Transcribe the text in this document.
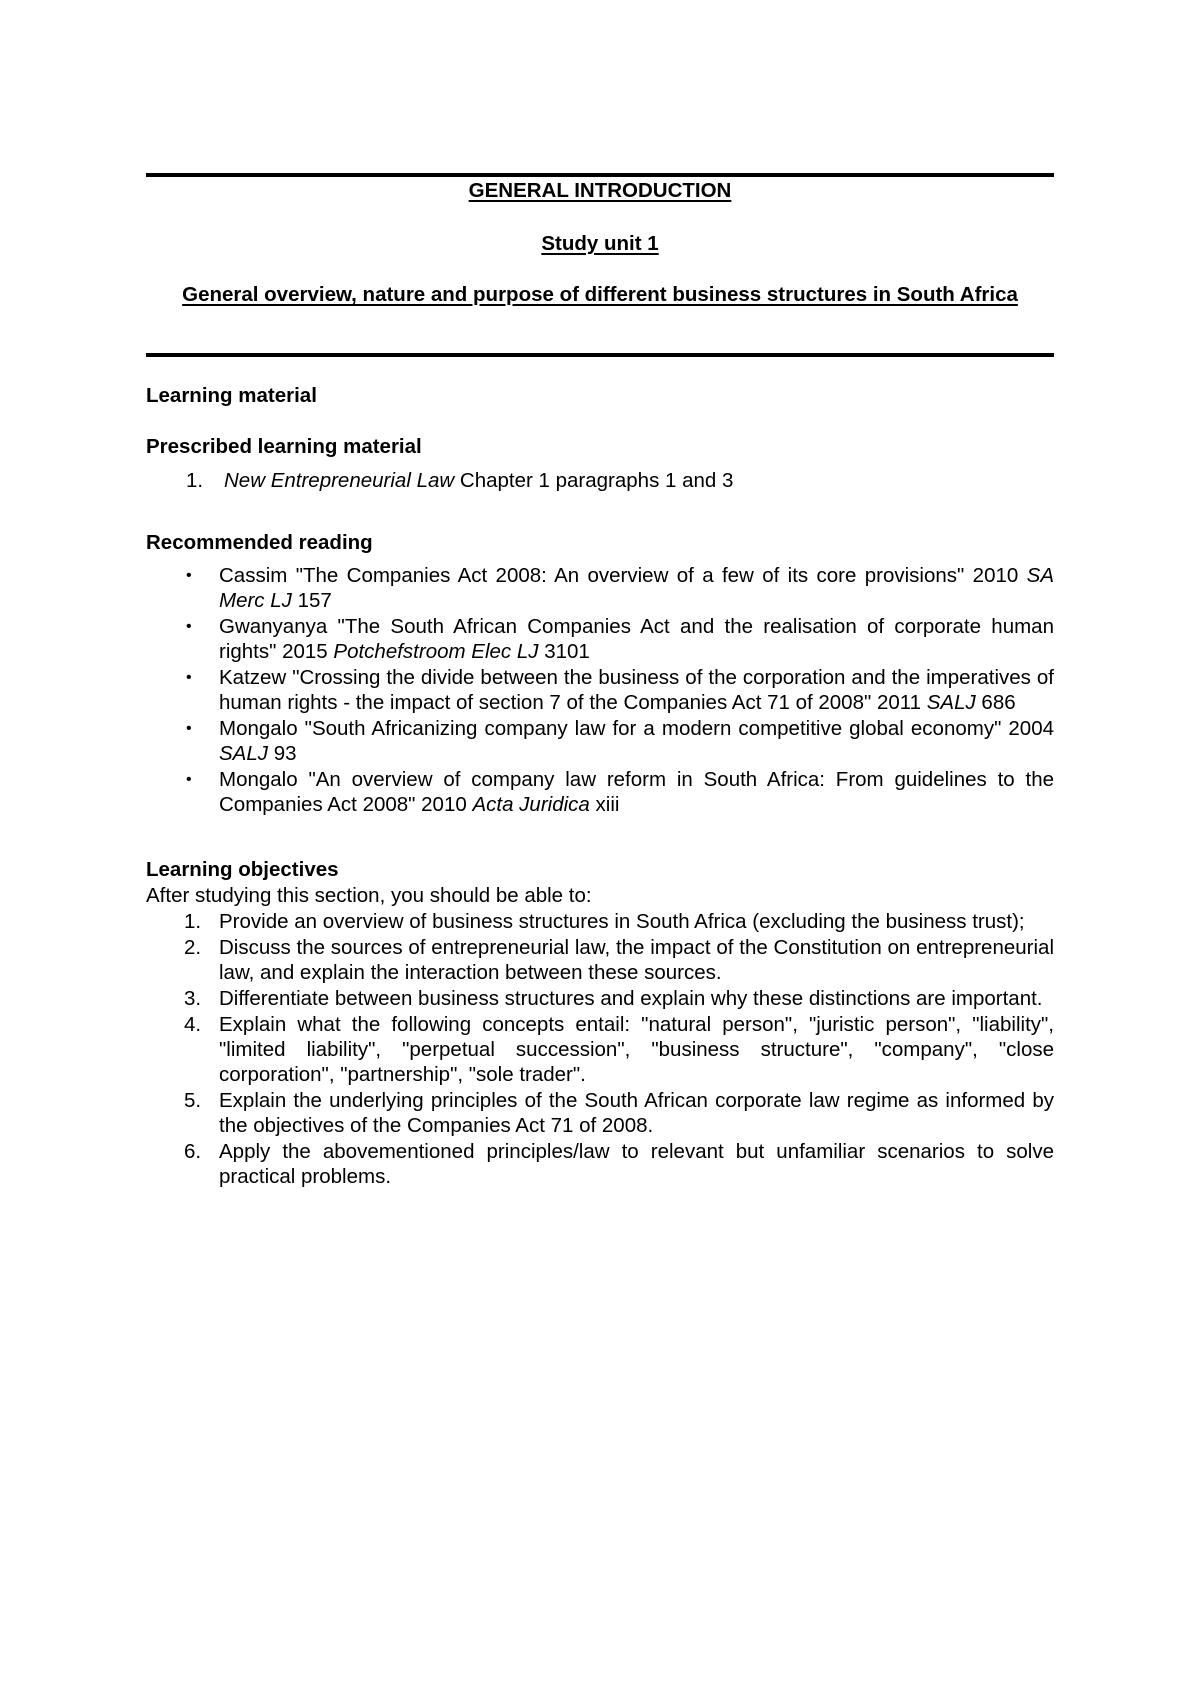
GENERAL INTRODUCTION
Study unit 1
General overview, nature and purpose of different business structures in South Africa
Learning material
Prescribed learning material
1. New Entrepreneurial Law Chapter 1 paragraphs 1 and 3
Recommended reading
• Cassim "The Companies Act 2008: An overview of a few of its core provisions" 2010 SA Merc LJ 157
• Gwanyanya "The South African Companies Act and the realisation of corporate human rights" 2015 Potchefstroom Elec LJ 3101
• Katzew "Crossing the divide between the business of the corporation and the imperatives of human rights - the impact of section 7 of the Companies Act 71 of 2008" 2011 SALJ 686
• Mongalo "South Africanizing company law for a modern competitive global economy" 2004 SALJ 93
• Mongalo "An overview of company law reform in South Africa: From guidelines to the Companies Act 2008" 2010 Acta Juridica xiii
Learning objectives
After studying this section, you should be able to:
1. Provide an overview of business structures in South Africa (excluding the business trust);
2. Discuss the sources of entrepreneurial law, the impact of the Constitution on entrepreneurial law, and explain the interaction between these sources.
3. Differentiate between business structures and explain why these distinctions are important.
4. Explain what the following concepts entail: "natural person", "juristic person", "liability", "limited liability", "perpetual succession", "business structure", "company", "close corporation", "partnership", "sole trader".
5. Explain the underlying principles of the South African corporate law regime as informed by the objectives of the Companies Act 71 of 2008.
6. Apply the abovementioned principles/law to relevant but unfamiliar scenarios to solve practical problems.
